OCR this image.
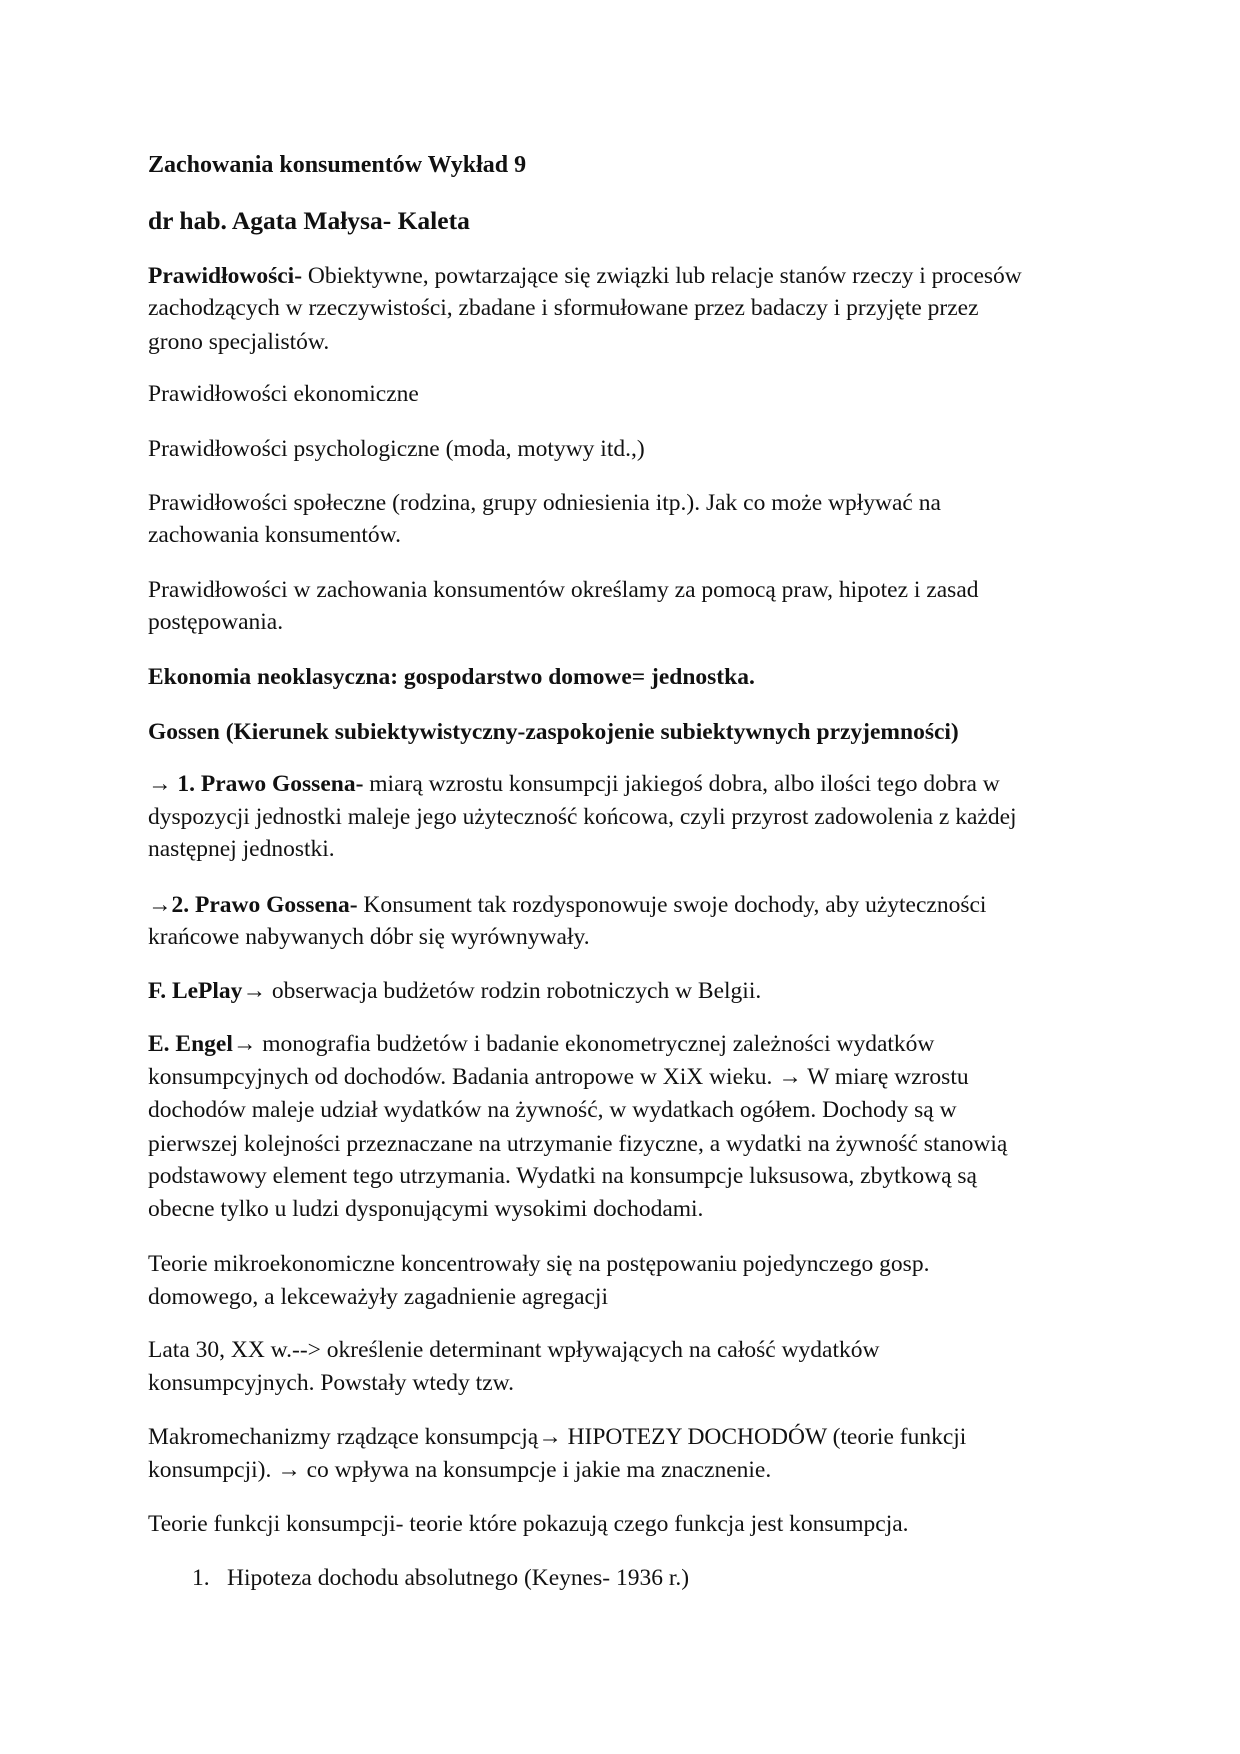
Zachowania konsumentów Wykład 9
dr hab. Agata Małysa- Kaleta
Prawidłowości- Obiektywne, powtarzające się związki lub relacje stanów rzeczy i procesów
zachodzących w rzeczywistości, zbadane i sformułowane przez badaczy i przyjęte przez
grono specjalistów.
Prawidłowości ekonomiczne
Prawidłowości psychologiczne (moda, motywy itd.,)
Prawidłowości społeczne (rodzina, grupy odniesienia itp.). Jak co może wpływać na
zachowania konsumentów.
Prawidłowości w zachowania konsumentów określamy za pomocą praw, hipotez i zasad
postępowania.
Ekonomia neoklasyczna: gospodarstwo domowe= jednostka.
Gossen (Kierunek subiektywistyczny-zaspokojenie subiektywnych przyjemności)
→ 1. Prawo Gossena- miarą wzrostu konsumpcji jakiegoś dobra, albo ilości tego dobra w
dyspozycji jednostki maleje jego użyteczność końcowa, czyli przyrost zadowolenia z każdej
następnej jednostki.
→2. Prawo Gossena- Konsument tak rozdysponowuje swoje dochody, aby użyteczności
krańcowe nabywanych dóbr się wyrównywały.
F. LePlay→ obserwacja budżetów rodzin robotniczych w Belgii.
E. Engel→ monografia budżetów i badanie ekonometrycznej zależności wydatków
konsumpcyjnych od dochodów. Badania antropowe w XiX wieku. → W miarę wzrostu
dochodów maleje udział wydatków na żywność, w wydatkach ogółem. Dochody są w
pierwszej kolejności przeznaczane na utrzymanie fizyczne, a wydatki na żywność stanowią
podstawowy element tego utrzymania. Wydatki na konsumpcje luksusowa, zbytkową są
obecne tylko u ludzi dysponującymi wysokimi dochodami.
Teorie mikroekonomiczne koncentrowały się na postępowaniu pojedynczego gosp.
domowego, a lekceważyły zagadnienie agregacji
Lata 30, XX w.--> określenie determinant wpływających na całość wydatków
konsumpcyjnych. Powstały wtedy tzw.
Makromechanizmy rządzące konsumpcją→ HIPOTEZY DOCHODÓW (teorie funkcji
konsumpcji). → co wpływa na konsumpcje i jakie ma znacznenie.
Teorie funkcji konsumpcji- teorie które pokazują czego funkcja jest konsumpcja.
1. Hipoteza dochodu absolutnego (Keynes- 1936 r.)
